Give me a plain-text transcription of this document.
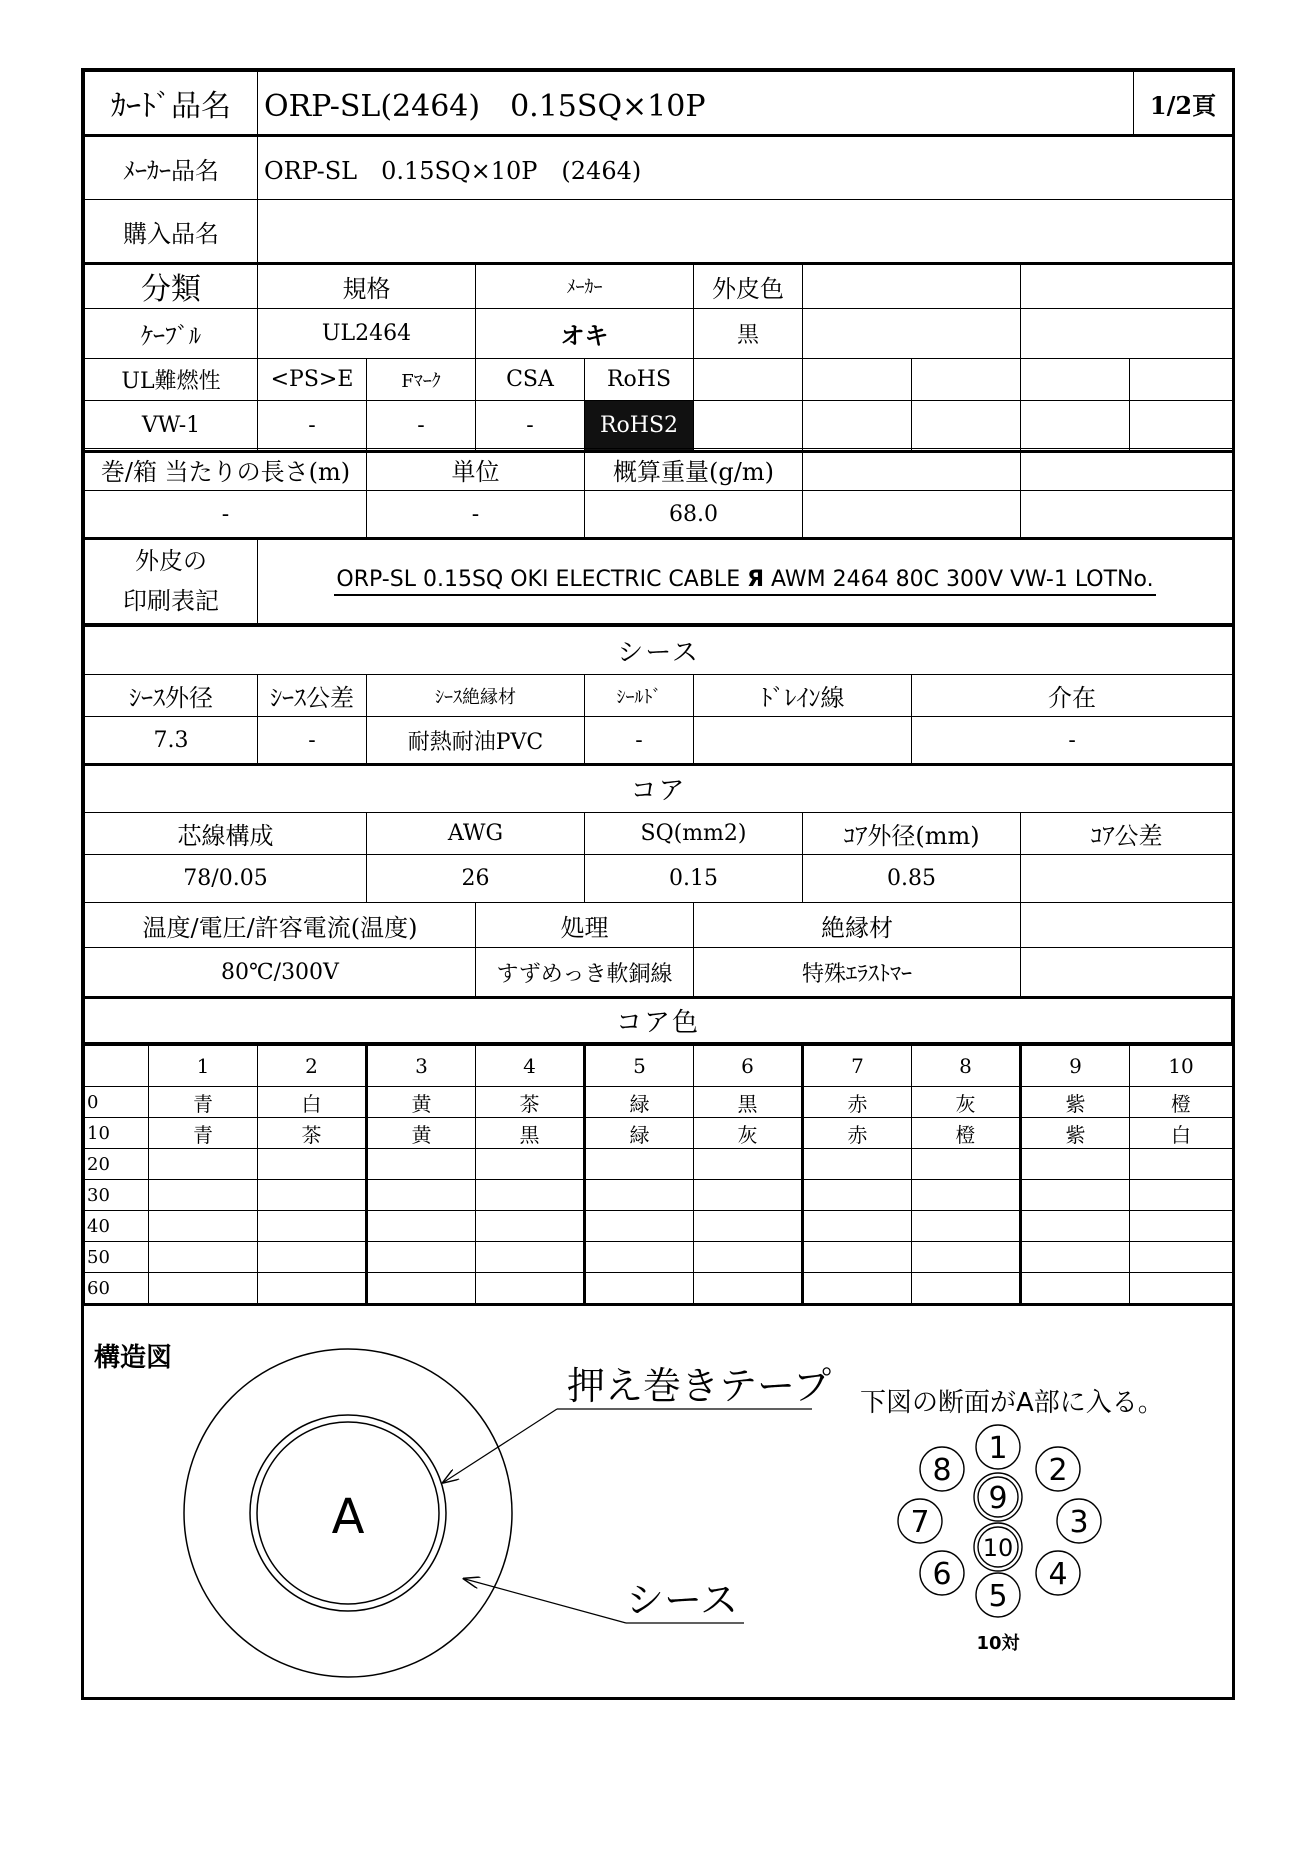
ｶｰﾄﾞ品名	ORP-SL(2464)　0.15SQ×10P	1/2頁
ﾒｰｶｰ品名	ORP-SL　0.15SQ×10P　(2464)	
購入品名		
分類	規格		ﾒｰｶｰ		外皮色				
ｹｰﾌﾞﾙ	UL2464		オキ		黒				
UL難燃性	<PS>E	Fﾏｰｸ	CSA	RoHS					
VW-1	-	-	-	RoHS2					
巻/箱 当たりの長さ(m)	単位	概算重量(g/m)		
-	-	68.0		
外皮の
印刷表記	ORP-SL 0.15SQ OKI ELECTRIC CABLE Я AWM 2464 80C 300V VW-1 LOTNo.
シース					
ｼｰｽ外径	ｼｰｽ公差	ｼｰｽ絶縁材	ｼｰﾙﾄﾞ	ﾄﾞﾚｲﾝ線	介在
7.3	-	耐熱耐油PVC	-		-
コア						
芯線構成	AWG		SQ(mm2)		ｺｱ外径(mm)	ｺｱ公差
78/0.05	26		0.15		0.85	
温度/電圧/許容電流(温度)		処理		絶縁材		
80℃/300V		すずめっき軟銅線		特殊ｴﾗｽﾄﾏｰ		
コア色
	1	2	3	4	5	6	7	8	9	10
0	青	白	黄	茶	緑	黒	赤	灰	紫	橙
10	青	茶	黄	黒	緑	灰	赤	橙	紫	白
20										
30										
40										
50										
60										
構造図
A
押え巻きテープ
シース
下図の断面がA部に入る。
1
2
3
4
5
6
7
8
9
10
10対
